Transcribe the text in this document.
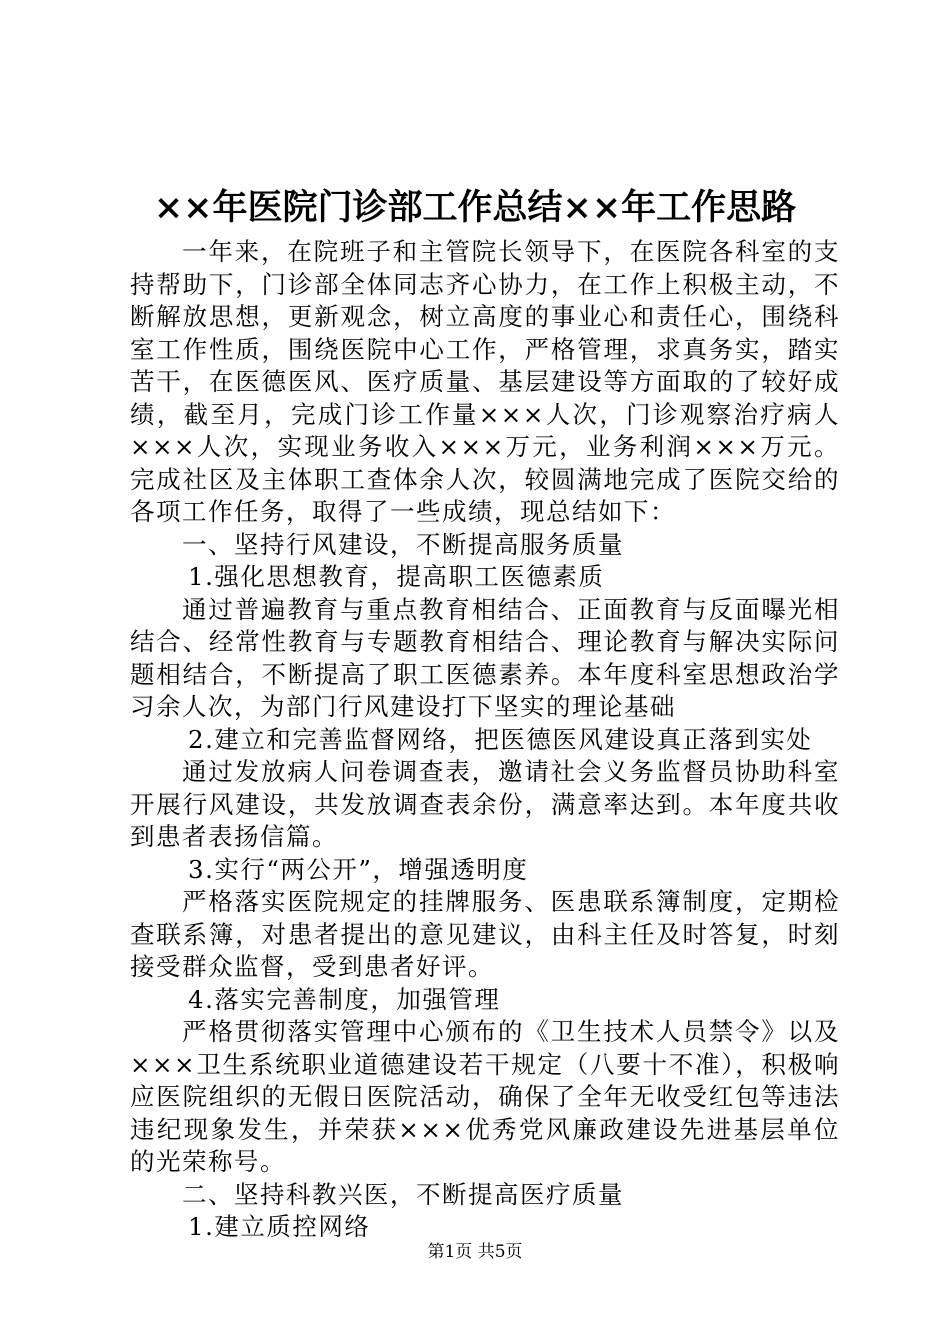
××年医院门诊部工作总结××年工作思路

一年来，在院班子和主管院长领导下，在医院各科室的支持帮助下，门诊部全体同志齐心协力，在工作上积极主动，不断解放思想，更新观念，树立高度的事业心和责任心，围绕科室工作性质，围绕医院中心工作，严格管理，求真务实，踏实苦干，在医德医风、医疗质量、基层建设等方面取的了较好成绩，截至月，完成门诊工作量×××人次，门诊观察治疗病人×××人次，实现业务收入×××万元，业务利润×××万元。完成社区及主体职工查体余人次，较圆满地完成了医院交给的各项工作任务，取得了一些成绩，现总结如下：

一、坚持行风建设，不断提高服务质量

1.强化思想教育，提高职工医德素质

通过普遍教育与重点教育相结合、正面教育与反面曝光相结合、经常性教育与专题教育相结合、理论教育与解决实际问题相结合，不断提高了职工医德素养。本年度科室思想政治学习余人次，为部门行风建设打下坚实的理论基础

2.建立和完善监督网络，把医德医风建设真正落到实处

通过发放病人问卷调查表，邀请社会义务监督员协助科室开展行风建设，共发放调查表余份，满意率达到。本年度共收到患者表扬信篇。

3.实行“两公开”，增强透明度

严格落实医院规定的挂牌服务、医患联系簿制度，定期检查联系簿，对患者提出的意见建议，由科主任及时答复，时刻接受群众监督，受到患者好评。

4.落实完善制度，加强管理

严格贯彻落实管理中心颁布的《卫生技术人员禁令》以及×××卫生系统职业道德建设若干规定（八要十不准），积极响应医院组织的无假日医院活动，确保了全年无收受红包等违法违纪现象发生，并荣获×××优秀党风廉政建设先进基层单位的光荣称号。

二、坚持科教兴医，不断提高医疗质量

1.建立质控网络

第1页 共5页
